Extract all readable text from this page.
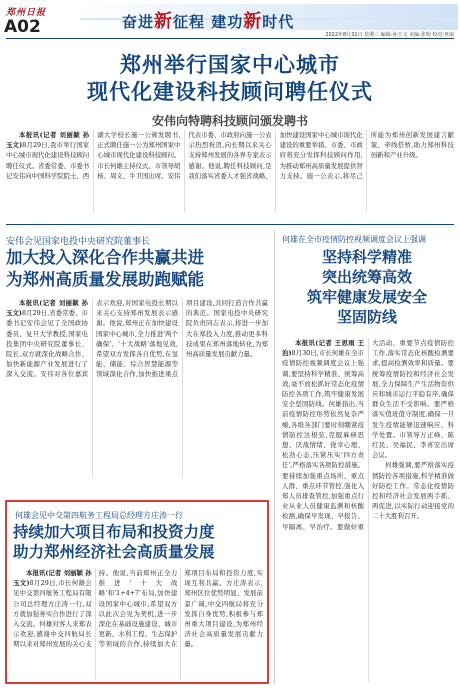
郑州日报
A02	奋进新征程 建功新时代
2022年8月31日 星期三 编辑:孙玉文 美编:张明 校对:亚丽
郑州举行国家中心城市
现代化建设科技顾问聘任仪式
安伟向特聘科技顾问颁发聘书

本报讯(记者 刘丽颖 孙玉文)8月29日,我市举行国家中心城市现代化建设科技顾问聘任仪式。省委常委、市委书记安伟向中国科学院院士、西湖大学校长施一公颁发聘书,正式聘任施一公为郑州国家中心城市现代化建设科技顾问。市长何雄主持仪式。市领导胡杨、周义、牛卫国出席。安伟代表市委、市政府向施一公表示热烈祝贺,向长期以来关心支持郑州发展的各界专家表示感谢。他说,聘任科技顾问,是我们落实省委人才强省战略、加快建设国家中心城市现代化建设的重要举措。市委、市政府将充分发挥科技顾问作用,为推动郑州高质量发展提供智力支持。施一公表示,将尽己所能为郑州创新发展建言献策、牵线搭桥,助力郑州科技创新和产业升级。

安伟会见国家电投中央研究院董事长
加大投入深化合作共赢共进
为郑州高质量发展助跑赋能

本报讯(记者 刘丽颖 孙玉文)8月29日,省委常委、市委书记安伟会见了全国政协委员、复旦大学教授,国家电投集团中央研究院董事长、院长,双方就深化战略合作、加快新能源产业发展进行了深入交流。安伟对各位嘉宾表示欢迎,对国家电投长期以来关心支持郑州发展表示感谢。他说,郑州正在加快建设国家中心城市,全力推进'两个确保'、'十大战略'落地见效,希望双方发挥各自优势,在氢能、储能、综合智慧能源等领域深化合作,加快推进重点项目建设,共同打造合作共赢的典范。国家电投中央研究院负责同志表示,将进一步加大在郑投入力度,推动更多科技成果在郑州落地转化,为郑州高质量发展贡献力量。

何雄在全市疫情防控视频调度会议上强调
坚持科学精准
突出统筹高效
筑牢健康发展安全
坚固防线

本报讯(记者 王思雨 王治)8月30日,市长何雄在全市疫情防控视频调度会议上强调,要坚持科学精准、统筹高效,毫不放松抓好常态化疫情防控各项工作,筑牢健康发展安全坚固防线。何雄指出,当前疫情防控形势依然复杂严峻,各级各部门要时刻绷紧疫情防控这根弦,克服麻痹思想、厌战情绪、侥幸心理、松劲心态,压紧压实'四方责任',严格落实各项防控措施。要持续加强重点场所、重点人群、重点环节管控,强化入郑人员排查管控,加强重点行业从业人员健康监测和核酸检测,确保早发现、早报告、早隔离、早治疗。要做好重大活动、重要节点疫情防控工作,落实常态化核酸检测要求,提高检测效率和质量。要统筹疫情防控和经济社会发展,全力保障生产生活物资供应和城市运行平稳有序,确保群众生活不受影响。要严格落实值班值守制度,确保一旦发生疫情能够迅速响应、科学处置。市领导万正峰、陈红民、吴福民、李喜安出席会议。

何雄强调,要严格落实疫情防控各项措施,科学精准做好防控工作。常态化疫情防控和经济社会发展两手抓、两促进,以实际行动迎接党的二十大胜利召开。

何雄会见中交第四航务工程局总经理方庄涛一行
持续加大项目布局和投资力度
助力郑州经济社会高质量发展

本报讯(记者 刘丽颖 孙玉文)8月29日,市长何雄会见中交第四航务工程局有限公司总经理方庄涛一行,双方就加强务实合作进行了深入交流。何雄对客人来郑表示欢迎,感谢中交四航局长期以来对郑州发展的关心支持。他说,当前郑州正全力推进'十大战略'和'1+4+7'布局,加快建设国家中心城市,希望双方以此次会见为契机,进一步深化在基础设施建设、城市更新、水利工程、生态保护等领域的合作,持续加大在郑项目布局和投资力度,实现互利共赢。方庄涛表示,郑州区位优势明显、发展前景广阔,中交四航局将充分发挥自身优势,积极参与郑州重大项目建设,为郑州经济社会高质量发展贡献力量。
